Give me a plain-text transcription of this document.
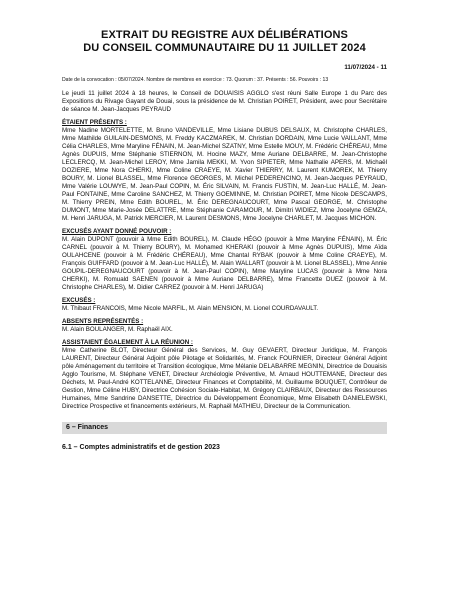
EXTRAIT DU REGISTRE AUX DÉLIBÉRATIONS
DU CONSEIL COMMUNAUTAIRE DU 11 JUILLET 2024
11/07/2024 - 11
Date de la convocation : 05/07/2024. Nombre de membres en exercice : 73. Quorum : 37. Présents : 56. Pouvoirs : 13

Le jeudi 11 juillet 2024 à 18 heures, le Conseil de DOUAISIS AGGLO s'est réuni Salle Europe 1 du Parc des Expositions du Rivage Gayant de Douai, sous la présidence de M. Christian POIRET, Président, avec pour Secrétaire de séance M. Jean-Jacques PEYRAUD

ÉTAIENT PRÉSENTS :
Mme Nadine MORTELETTE, M. Bruno VANDEVILLE, Mme Lisiane DUBUS DELSAUX, M. Christophe CHARLES, Mme Mathilde GUILAIN-DESMONS, M. Freddy KACZMAREK, M. Christian DORDAIN, Mme Lucie VAILLANT, Mme Célia CHARLES, Mme Maryline FÉNAIN, M. Jean-Michel SZATNY, Mme Estelle MOUY, M. Frédéric CHÉREAU, Mme Agnès DUPUIS, Mme Stéphanie STIERNON, M. Hocine MAZY, Mme Auriane DELBARRE, M. Jean-Christophe LECLERCQ, M. Jean-Michel LEROY, Mme Jamila MEKKI, M. Yvon SIPIETER, Mme Nathalie APERS, M. Michaël DOZIERE, Mme Nora CHERKI, Mme Coline CRAEYE, M. Xavier THIERRY, M. Laurent KUMOREK, M. Thierry BOURY, M. Lionel BLASSEL, Mme Florence GEORGES, M. Michel PEDERENCINO, M. Jean-Jacques PEYRAUD, Mme Valérie LOUWYE, M. Jean-Paul COPIN, M. Éric SILVAIN, M. Francis FUSTIN, M. Jean-Luc HALLÉ, M. Jean-Paul FONTAINE, Mme Caroline SANCHEZ, M. Thierry GOEMINNE, M. Christian POIRET, Mme Nicole DESCAMPS, M. Thierry PREIN, Mme Edith BOUREL, M. Éric DEREGNAUCOURT, Mme Pascal GEORGE, M. Christophe DUMONT, Mme Marie-Josée DELATTRE, Mme Stéphanie CARAMOUR, M. Dimitri WIDIEZ, Mme Jocelyne GEMZA, M. Henri JARUGA, M. Patrick MERCIER, M. Laurent DESMONS, Mme Jocelyne CHARLET, M. Jacques MICHON.
EXCUSÉS AYANT DONNÉ POUVOIR :
M. Alain DUPONT (pouvoir à Mme Edith BOUREL), M. Claude HÉGO (pouvoir à Mme Maryline FÉNAIN), M. Éric CARNEL (pouvoir à M. Thierry BOURY), M. Mohamed KHERAKI (pouvoir à Mme Agnès DUPUIS), Mme Aïda OULAHCENE (pouvoir à M. Frédéric CHÉREAU), Mme Chantal RYBAK (pouvoir à Mme Coline CRAEYE), M. François GUIFFARD (pouvoir à M. Jean-Luc HALLÉ), M. Alain WALLART (pouvoir à M. Lionel BLASSEL), Mme Annie GOUPIL-DEREGNAUCOURT (pouvoir à M. Jean-Paul COPIN), Mme Maryline LUCAS (pouvoir à Mme Nora CHERKI), M. Romuald SAENEN (pouvoir à Mme Auriane DELBARRE), Mme Francette DUEZ (pouvoir à M. Christophe CHARLES), M. Didier CARREZ (pouvoir à M. Henri JARUGA)
EXCUSÉS :
M. Thibaut FRANCOIS, Mme Nicole MARFIL, M. Alain MENSION, M. Lionel COURDAVAULT.
ABSENTS REPRÉSENTÉS :
M. Alain BOULANGER, M. Raphaël AIX.
ASSISTAIENT ÉGALEMENT À LA RÉUNION :
Mme Catherine BLOT, Directeur Général des Services, M. Guy GEVAERT, Directeur Juridique, M. François LAURENT, Directeur Général Adjoint pôle Pilotage et Solidarités, M. Franck FOURNIER, Directeur Général Adjoint pôle Aménagement du territoire et Transition écologique, Mme Mélanie DELABARRE MEGNIN, Directrice de Douaisis Agglo Tourisme, M. Stéphane VENET, Directeur Archéologie Préventive, M. Arnaud HOUTTEMANE, Directeur des Déchets, M. Paul-André KOTTELANNE, Directeur Finances et Comptabilité, M. Guillaume BOUQUET, Contrôleur de Gestion, Mme Céline HUBY, Directrice Cohésion Sociale-Habitat, M. Grégory CLAIRBAUX, Directeur des Ressources Humaines, Mme Sandrine DANSETTE, Directrice du Développement Économique, Mme Elisabeth DANIELEWSKI, Directrice Prospective et financements extérieurs, M. Raphaël MATHIEU, Directeur de la Communication.
6 – Finances
6.1 – Comptes administratifs et de gestion 2023
